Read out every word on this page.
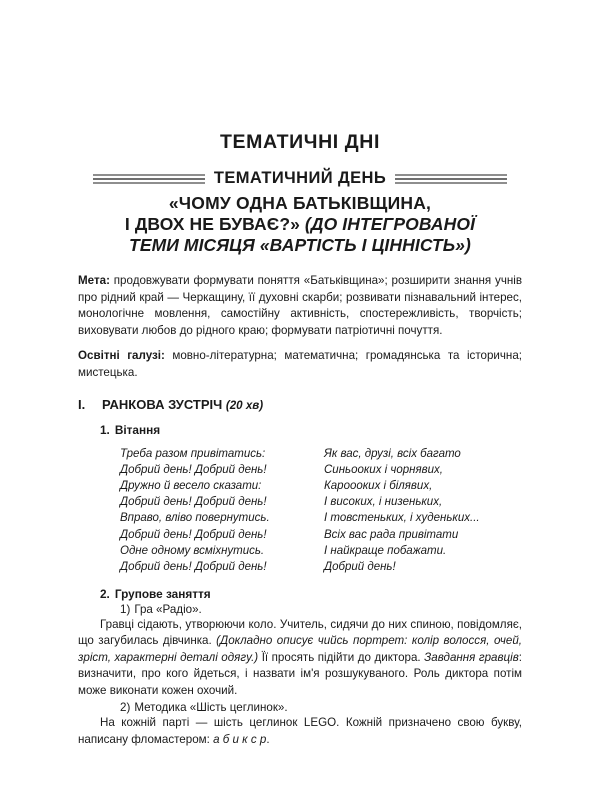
ТЕМАТИЧНІ ДНІ
ТЕМАТИЧНИЙ ДЕНЬ

«ЧОМУ ОДНА БАТЬКІВЩИНА,

І ДВОХ НЕ БУВАЄ?» (ДО ІНТЕГРОВАНОЇ

ТЕМИ МІСЯЦЯ «ВАРТІСТЬ І ЦІННІСТЬ»)

Мета: продовжувати формувати поняття «Батьківщина»; розширити знання учнів про рідний край — Черкащину, її духовні скарби; розвивати пізнавальний інтерес, монологічне мовлення, самостійну активність, спостережливість, творчість; виховувати любов до рідного краю; формувати патріотичні почуття.

Освітні галузі: мовно-літературна; математична; громадянська та історична; мистецька.

I.	РАНКОВА ЗУСТРІЧ (20 хв)
1. Вітання
Треба разом привітатись:
Добрий день! Добрий день!
Дружно й весело сказати:
Добрий день! Добрий день!
Вправо, вліво повернутись.
Добрий день! Добрий день!
Одне одному всміхнутись.
Добрий день! Добрий день!
Як вас, друзі, всіх багато
Синьооких і чорнявих,
Кароооких і білявих,
І високих, і низеньких,
І товстеньких, і худеньких...
Всіх вас рада привітати
І найкраще побажати.
Добрий день!
2. Групове заняття
1) Гра «Радіо».

Гравці сідають, утворюючи коло. Учитель, сидячи до них спиною, повідомляє, що загубилась дівчинка. (Докладно описує чийсь портрет: колір волосся, очей, зріст, характерні деталі одягу.) Її просять підійти до диктора. Завдання гравців: визначити, про кого йдеться, і назвати ім'я розшукуваного. Роль диктора потім може виконати кожен охочий.

2) Методика «Шість цеглинок».

На кожній парті — шість цеглинок LEGO. Кожній призначено свою букву, написану фломастером: а б и к с р.
